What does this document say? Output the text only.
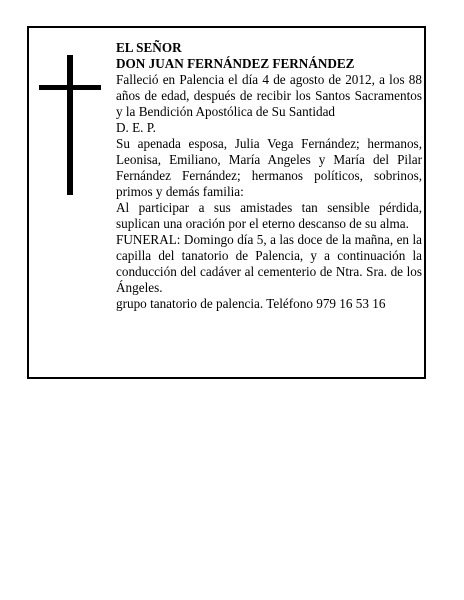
EL SEÑOR

DON JUAN FERNÁNDEZ FERNÁNDEZ

Falleció en Palencia el día 4 de agosto de 2012, a los 88 años de edad, después de recibir los Santos Sacramentos y la Bendición Apostólica de Su Santidad

D. E. P.

Su apenada esposa, Julia Vega Fernández; hermanos, Leonisa, Emiliano, María Angeles y María del Pilar Fernández Fernández; hermanos políticos, sobrinos, primos y demás familia:

Al participar a sus amistades tan sensible pérdida, suplican una oración por el eterno descanso de su alma.

FUNERAL: Domingo día 5, a las doce de la mañna, en la capilla del tanatorio de Palencia, y a continuación la conducción del cadáver al cementerio de Ntra. Sra. de los Ángeles.

grupo tanatorio de palencia. Teléfono 979 16 53 16
